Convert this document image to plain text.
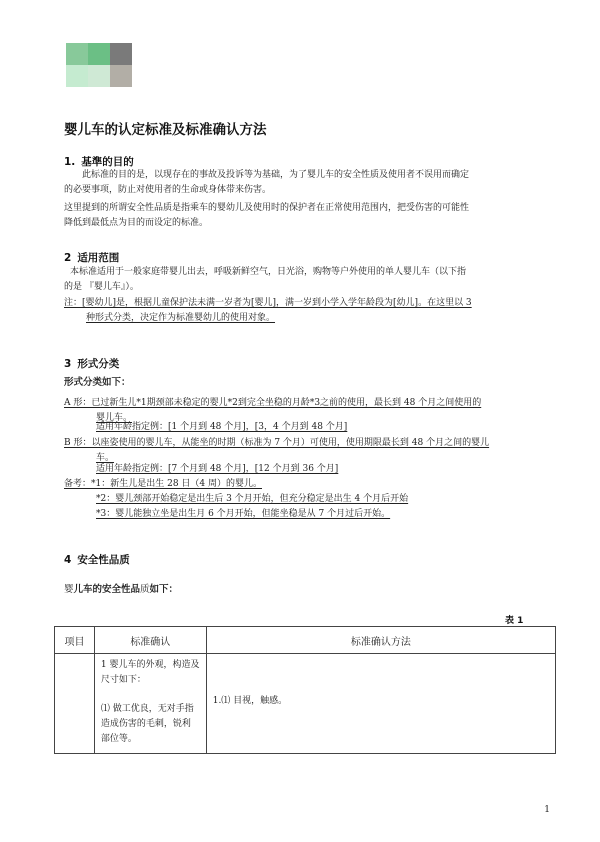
婴儿车的认定标准及标准确认方法
1. 基準的目的
此标准的目的是，以现存在的事故及投诉等为基础，为了婴儿车的安全性质及使用者不误用而确定
的必要事项，防止对使用者的生命或身体带来伤害。
这里提到的所谓安全性品质是指乘车的婴幼儿及使用时的保护者在正常使用范围内，把受伤害的可能性
降低到最低点为目的而设定的标准。
2 适用范围
本标准适用于一般家庭带婴儿出去，呼吸新鲜空气，日光浴，购物等户外使用的单人婴儿车（以下指
的是 『婴儿车』）。
注：[婴幼儿]是，根据儿童保护法未满一岁者为[婴儿]，满一岁到小学入学年龄段为[幼儿]。在这里以 3
种形式分类，决定作为标准婴幼儿的使用对象。
3 形式分类
形式分类如下：
A 形：已过新生儿*1期颈部未稳定的婴儿*2到完全坐稳的月龄*3之前的使用，最长到 48 个月之间使用的
婴儿车。
适用年龄指定例：[1 个月到 48 个月]，[3，4 个月到 48 个月]
B 形：以座姿使用的婴儿车，从能坐的时期（标准为 7 个月）可使用，使用期限最长到 48 个月之间的婴儿
车。
适用年龄指定例：[7 个月到 48 个月]，[12 个月到 36 个月]
备考：*1：新生儿是出生 28 日（4 周）的婴儿。
*2：婴儿颈部开始稳定是出生后 3 个月开始，但充分稳定是出生 4 个月后开始
*3：婴儿能独立坐是出生月 6 个月开始，但能坐稳是从 7 个月过后开始。
4 安全性品质
婴儿车的安全性品质如下：
表 1
项目	标准确认	标准确认方法

	1 婴儿车的外观，构造及尺寸如下：
⑴ 做工优良，无对手指造成伤害的毛刺，锐利部位等。	1.⑴ 目视，触感。
1
